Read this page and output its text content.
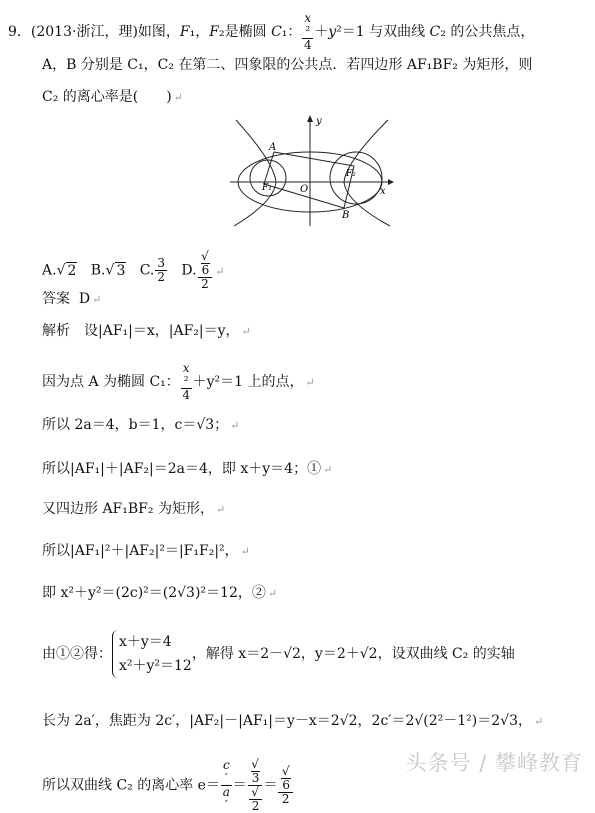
9．(2013·浙江，理)如图，F₁，F₂是椭圆 C₁： x
²
4 ＋y²＝1 与双曲线 C₂ 的公共焦点，
A，B 分别是 C₁，C₂ 在第二、四象限的公共点．若四边形 AF₁BF₂ 为矩形，则
C₂ 的离心率是(　　) ↵
A
B
F₁
F₂
O	x
y
A.√ 2 B.√ 3 C. $\frac{3}{2} D$. √
6
2 ↵
答案 D ↵
解析　设|AF₁|＝x，|AF₂|＝y， ↵
因为点 A 为椭圆 C₁： x
²
4 ＋y²＝1 上的点， ↵
所以 2a＝4，b＝1，c＝√3； ↵
所以|AF₁|＋|AF₂|＝2a＝4，即 x＋y＝4；① ↵
又四边形 AF₁BF₂ 为矩形， ↵
所以|AF₁|²＋|AF₂|²＝|F₁F₂|²， ↵
即 x²＋y²＝(2c)²＝(2√3)²＝12，② ↵
由①②得：x＋y＝4
x²＋y²＝12，解得 x＝2－√2，y＝2＋√2，设双曲线 C₂ 的实轴
长为 2a′，焦距为 2c′，|AF₂|－|AF₁|＝y－x＝2√2，2c′＝2√(2²－1²)＝2√3， ↵
所以双曲线 C₂ 的离心率 e＝ c
′
a
′ ＝ √
3
√
2 ＝ √
6
2
头条号 / 攀峰教育
